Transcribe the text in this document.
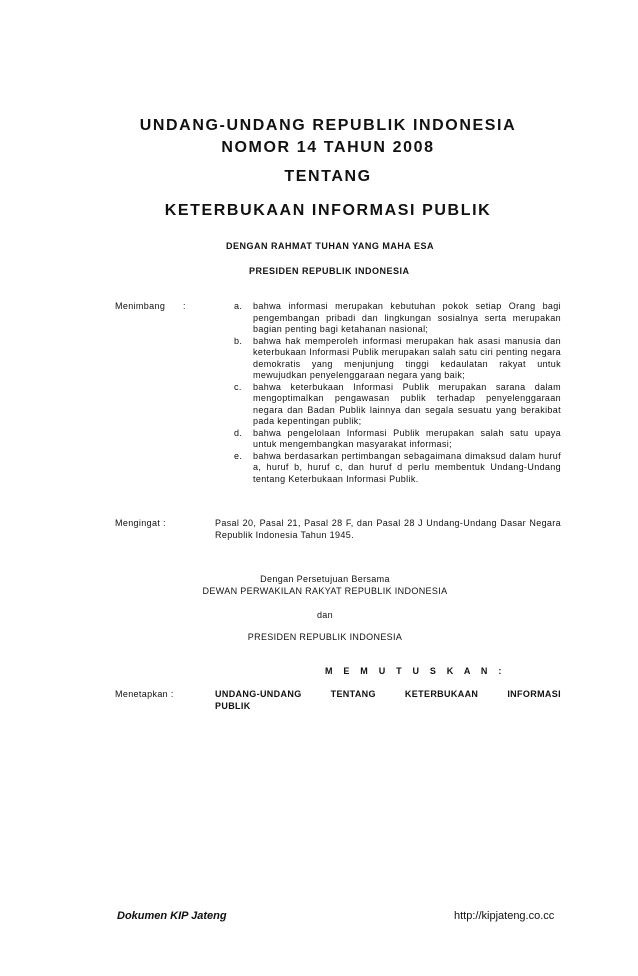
UNDANG-UNDANG REPUBLIK INDONESIA
NOMOR 14 TAHUN 2008
TENTANG
KETERBUKAAN INFORMASI PUBLIK
DENGAN RAHMAT TUHAN YANG MAHA ESA
PRESIDEN REPUBLIK INDONESIA
Menimbang :	a. bahwa informasi merupakan kebutuhan pokok setiap Orang bagi pengembangan pribadi dan lingkungan sosialnya serta merupakan bagian penting bagi ketahanan nasional;
b. bahwa hak memperoleh informasi merupakan hak asasi manusia dan keterbukaan Informasi Publik merupakan salah satu ciri penting negara demokratis yang menjunjung tinggi kedaulatan rakyat untuk mewujudkan penyelenggaraan negara yang baik;
c. bahwa keterbukaan Informasi Publik merupakan sarana dalam mengoptimalkan pengawasan publik terhadap penyelenggaraan negara dan Badan Publik lainnya dan segala sesuatu yang berakibat pada kepentingan publik;
d. bahwa pengelolaan Informasi Publik merupakan salah satu upaya untuk mengembangkan masyarakat informasi;
e. bahwa berdasarkan pertimbangan sebagaimana dimaksud dalam huruf a, huruf b, huruf c, dan huruf d perlu membentuk Undang-Undang tentang Keterbukaan Informasi Publik.
Mengingat :	Pasal 20, Pasal 21, Pasal 28 F, dan Pasal 28 J Undang-Undang Dasar Negara Republik Indonesia Tahun 1945.
Dengan Persetujuan Bersama
DEWAN PERWAKILAN RAKYAT REPUBLIK INDONESIA
dan
PRESIDEN REPUBLIK INDONESIA
M E M U T U S K A N :
Menetapkan :	UNDANG-UNDANG	TENTANG	KETERBUKAAN	INFORMASI
PUBLIK
Dokumen KIP Jateng	http://kipjateng.co.cc
